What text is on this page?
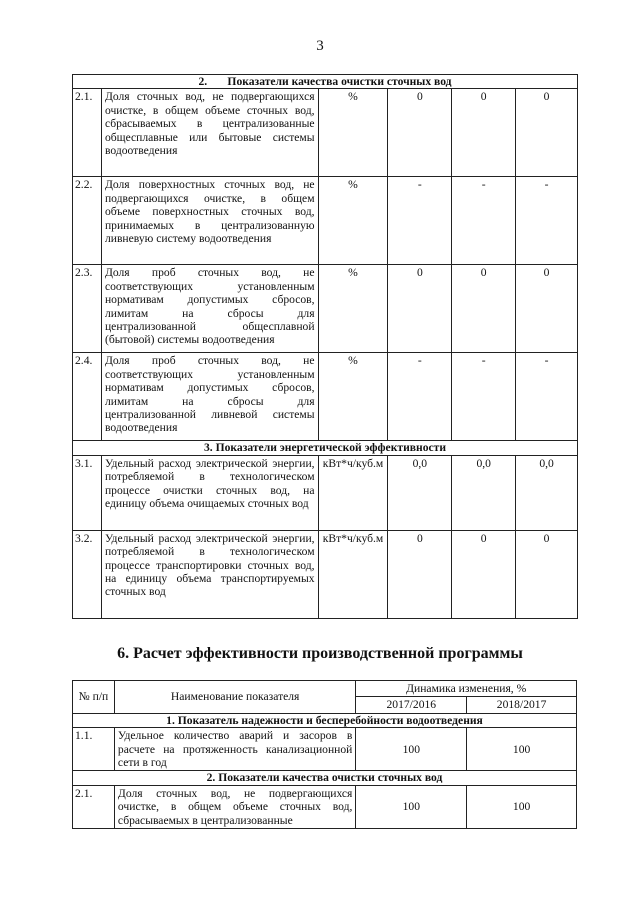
3
2.       Показатели качества очистки сточных вод					
2.1.	Доля сточных вод, не подвергающихся очистке, в общем объеме сточных вод, сбрасываемых в централизованные общесплавные или бытовые системы водоотведения	%	0	0	0
2.2.	Доля поверхностных сточных вод, не подвергающихся очистке, в общем объеме поверхностных сточных вод, принимаемых в централизованную ливневую систему водоотведения	%	-	-	-
2.3.	Доля проб сточных вод, не соответствующих установленным нормативам допустимых сбросов, лимитам на сбросы для централизованной общесплавной (бытовой) системы водоотведения	%	0	0	0
2.4.	Доля проб сточных вод, не соответствующих установленным нормативам допустимых сбросов, лимитам на сбросы для централизованной ливневой системы водоотведения	%	-	-	-
3. Показатели энергетической эффективности					
3.1.	Удельный расход электрической энергии, потребляемой в технологическом процессе очистки сточных вод, на единицу объема очищаемых сточных вод	кВт*ч/куб.м	0,0	0,0	0,0
3.2.	Удельный расход электрической энергии, потребляемой в технологическом процессе транспортировки сточных вод, на единицу объема транспортируемых сточных вод	кВт*ч/куб.м	0	0	0
6. Расчет эффективности производственной программы
№ п/п	Наименование показателя	Динамика изменения, %	
		2017/2016	2018/2017
1. Показатель надежности и бесперебойности водоотведения			
1.1.	Удельное количество аварий и засоров в расчете на протяженность канализационной сети в год	100	100
2. Показатели качества очистки сточных вод			
2.1.	Доля сточных вод, не подвергающихся очистке, в общем объеме сточных вод, сбрасываемых в централизованные	100	100
